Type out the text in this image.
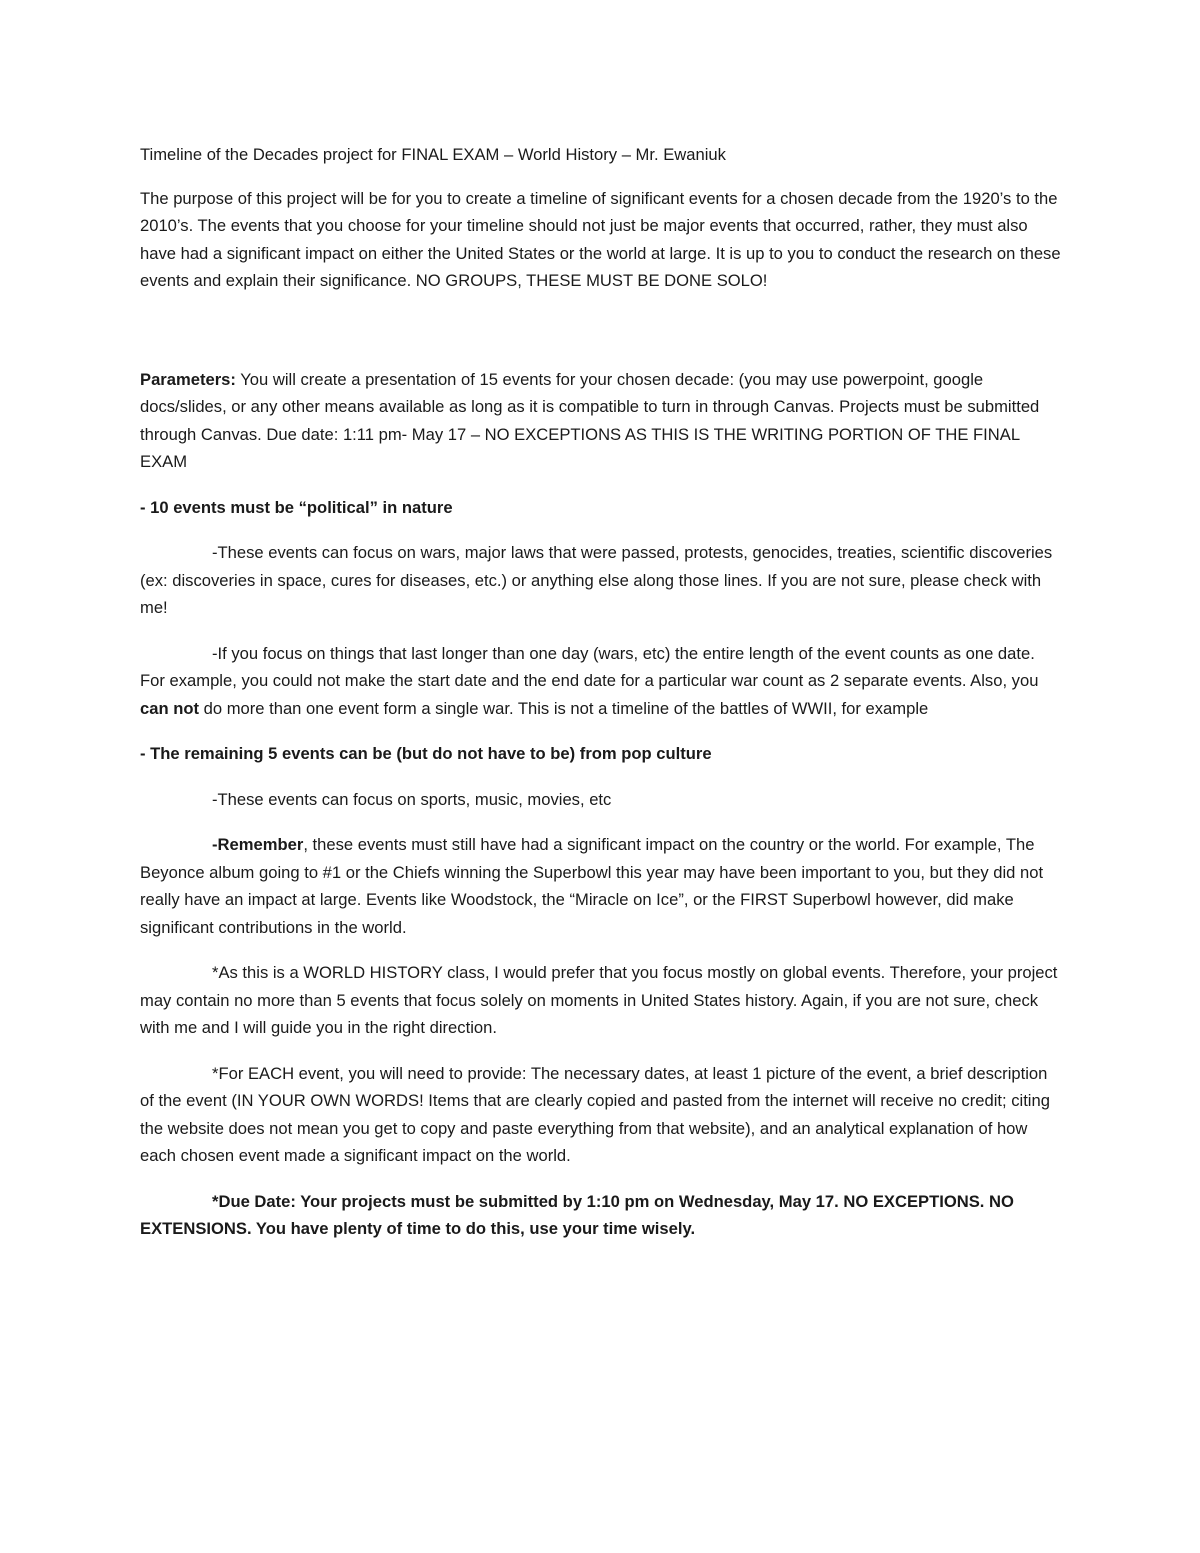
Timeline of the Decades project for FINAL EXAM – World History – Mr. Ewaniuk

The purpose of this project will be for you to create a timeline of significant events for a chosen decade from the 1920’s to the 2010’s. The events that you choose for your timeline should not just be major events that occurred, rather, they must also have had a significant impact on either the United States or the world at large. It is up to you to conduct the research on these events and explain their significance. NO GROUPS, THESE MUST BE DONE SOLO!

Parameters: You will create a presentation of 15 events for your chosen decade: (you may use powerpoint, google docs/slides, or any other means available as long as it is compatible to turn in through Canvas. Projects must be submitted through Canvas. Due date: 1:11 pm- May 17 – NO EXCEPTIONS AS THIS IS THE WRITING PORTION OF THE FINAL EXAM

- 10 events must be “political” in nature

-These events can focus on wars, major laws that were passed, protests, genocides, treaties, scientific discoveries (ex: discoveries in space, cures for diseases, etc.) or anything else along those lines. If you are not sure, please check with me!

-If you focus on things that last longer than one day (wars, etc) the entire length of the event counts as one date. For example, you could not make the start date and the end date for a particular war count as 2 separate events. Also, you can not do more than one event form a single war. This is not a timeline of the battles of WWII, for example

- The remaining 5 events can be (but do not have to be) from pop culture

-These events can focus on sports, music, movies, etc

-Remember, these events must still have had a significant impact on the country or the world. For example, The Beyonce album going to #1 or the Chiefs winning the Superbowl this year may have been important to you, but they did not really have an impact at large. Events like Woodstock, the “Miracle on Ice”, or the FIRST Superbowl however, did make significant contributions in the world.

*As this is a WORLD HISTORY class, I would prefer that you focus mostly on global events. Therefore, your project may contain no more than 5 events that focus solely on moments in United States history. Again, if you are not sure, check with me and I will guide you in the right direction.

*For EACH event, you will need to provide: The necessary dates, at least 1 picture of the event, a brief description of the event (IN YOUR OWN WORDS! Items that are clearly copied and pasted from the internet will receive no credit; citing the website does not mean you get to copy and paste everything from that website), and an analytical explanation of how each chosen event made a significant impact on the world.

*Due Date: Your projects must be submitted by 1:10 pm on Wednesday, May 17. NO EXCEPTIONS. NO EXTENSIONS. You have plenty of time to do this, use your time wisely.
